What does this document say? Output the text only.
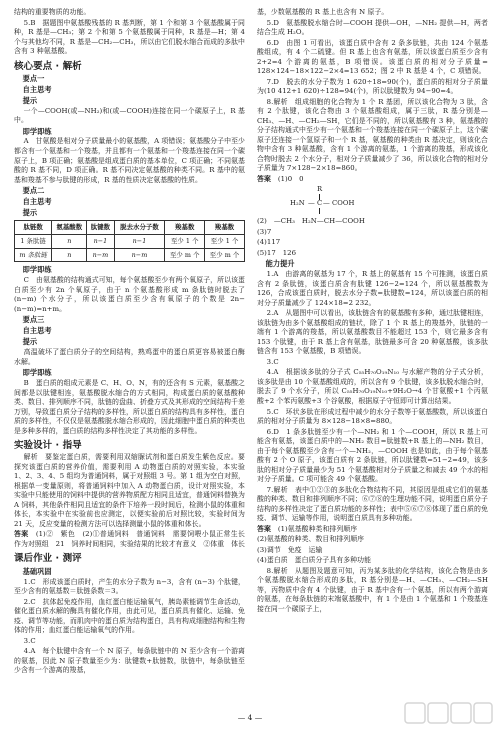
结构的重要物质的功能。

5.B　据题图中氨基酸残基的 R 基判断，第 1 个和第 3 个氨基酸属于同种，R 基是—CH₃；第 2 个和第 5 个氨基酸属于同种，R 基是—H；第 4 个与其他均不同，R 基是—CH₂—CH₃，所以由它们脱水缩合而成的多肽中含有 3 种氨基酸。

核心要点 · 解析
要点一
自主思考
提示

一个—COOH(或—NH₂)和(或—COOH)连接在同一个碳原子上，R 基中。

即学即练

A　甘氨酸是相对分子质量最小的氨基酸，A 项错误；氨基酸分子中至少都含有一个氨基和一个羧基，并且都有一个氨基和一个羧基连接在同一个碳原子上，B 项正确；氨基酸是组成蛋白质的基本单位，C 项正确；不同氨基酸的 R 基不同，D 项正确。R 基不同决定氨基酸的种类不同。R 基中的氨基和羧基不参与肽键的形成，R 基的性质决定氨基酸的性质。

要点二
自主思考
提示
肽链数	氨基酸数	肽键数	脱去水分子数	羧基数	羧基数
1 条肽链	n	n−1	n−1	至少 1 个	至少 1 个
m 条肽链	n	n−m	n−m	至少 m 个	至少 m 个
即学即练

C　由氨基酸的结构通式可知，每个氨基酸至少有两个氧原子，所以该蛋白质至少有 2n 个氧原子，由于 n 个氨基酸形成 m 条肽链时脱去了 (n−m) 个水分子，所以该蛋白质至少含有氧原子的个数是 2n−(n−m)=n+m。

要点三
自主思考
提示

高温破坏了蛋白质分子的空间结构，熟鸡蛋中的蛋白质更容易被蛋白酶水解。

即学即练

B　蛋白质的组成元素是 C、H、O、N，有的还含有 S 元素，氨基酸之间都是以肽键相连，氨基酸脱水缩合的方式相同，构成蛋白质的氨基酸种类、数目、排列顺序不同，肽链的盘曲、折叠方式及其形成的空间结构千差万别，导致蛋白质分子结构的多样性，所以蛋白质的结构具有多样性，蛋白质的多样性，不仅仅是氨基酸脱水缩合形成的，因此细胞中蛋白质的种类也是多种多样的，蛋白质的结构多样性决定了其功能的多样性。

实验设计 · 指导

解析　要鉴定蛋白质，需要利用双缩脲试剂和蛋白质发生紫色反应。要探究该蛋白质的营养价值，需要利用 A 动物蛋白质的对照实验，本实验 1、2、3、4、5 组均为普通饲料，属于对照组 3 号。第 1 组为空白对照，根据单一变量原则，将普通饲料中加入 A 动物蛋白质，设计对照实验，本实验中只能使用的饲料中提供的营养物质配方相同且适宜，普通饲料替换为 A 饲料，其他条件相同且适宜的条件下培养一段时间后，检测小鼠的体重和体长，本实验中在实验前也应测定，以便实验前后对照比较，实验时间为 21 天，反应变量的检测方法可以选择测量小鼠的体重和体长。

答案　 (1)②　紫色　(2)①普通饲料　普通饲料　需要饲喂小鼠正常生长　作为对照组　21　饲养时间相同，实验结果的比较才有意义　②体重　体长

课后作业 · 测评
基础巩固

1.C　形成该蛋白质时，产生的水分子数为 n−3，含有 (n−3) 个肽键，至少含有的氨基数＝肽链条数＝3。

2.C　抗体起免疫作用，血红蛋白能运输氧气，胰岛素能调节生命活动，催化蛋白质水解的酶具有催化作用，由此可见，蛋白质具有催化、运输、免疫、调节等功能，而肌肉中的蛋白质为结构蛋白，具有构成细胞结构和生物体的作用；血红蛋白能运输氧气的作用。

3.C

4.A　每个肽键中含有一个 N 原子，每条肽链中的 N 至少含有一个游离的氨基，因此 N 原子数量至少为：肽键数+肽链数，肽链中，每条肽链至少含有一个游离的羧基，

基，少数氨基酸的 R 基上也含有 N 原子。

5.D　氨基酸脱水缩合时—COOH 提供—OH，—NH₂ 提供—H，两者结合生成 H₂O。

6.D　由图 1 可看出，该蛋白质中含有 2 条多肽链，共由 124 个氨基酸组成，有 4 个二硫键。但 R 基上也含有氨基，所以该蛋白质至少含有 2+2=4 个游离的氨基，B 项错误。该蛋白质的相对分子质量= 128×124−18×122−2×4=13 652；图 2 中 R 基是 4 个，C 项错误。

7.D　脱去的水分子数为 1 620÷18=90(个)，蛋白质的相对分子质量为(10 412+1 620)÷128=94(个)，所以肽键数为 94−90=4。

8.解析　组成细胞的化合物为 1 个 R 基团，所以该化合物为 3 肽，含有 2 个肽键，该化合物由 3 个氨基酸组成，属于三肽，R 基分别是—CH₃、—H、—CH₂—SH，它们是不同的，所以氨基酸有 3 种，氨基酸的分子结构通式中至少有一个氨基和一个羧基连接在同一个碳原子上，这个碳原子还连接一个氢原子和一个 R 基，氨基酸的种类由 R 基决定，则该化合物中含有 3 种氨基酸，含有 1 个游离的氨基，1 个游离的羧基，形成该化合物时脱去 2 个水分子，相对分子质量减少了 36，所以该化合物的相对分子质量为 7×128−2×18=860。

答案　 (1)0　0

R
H₂N — C — COOH

(2)　—CH₃　H₂N—CH—COOH

(3)7

(4)117

(5)17　126

能力提升

1.A　由游离的氨基为 17 个，R 基上的氨基有 15 个可推测，该蛋白质含有 2 条肽链，该蛋白质含有肽键 126−2=124 个，所以氨基酸数为 126，合成该蛋白质时，脱去水分子数=肽键数=124，所以该蛋白质的相对分子质量减少了 124×18=2 232。

2.A　从题图中可以看出，该肽链含有的氨基酸有多种，通过肽键相连，该肽链为由多个氨基酸组成的链状，除了 1 个 R 基上的羧基外，肽链的一端有 1 个游离的羧基，所以氨基酸数目不能超过 153 个，则它最多含有 153 个肽键，由于 R 基上含有氨基，肽链最多可含 20 种氨基酸，该多肽链含有 153 个氨基酸，B 项错误。

3.C

4.A　根据该多肽的分子式 C₅₅H₇₀O₁₉N₁₀ 与水解产物的分子式分析，该多肽是由 10 个氨基酸组成的，所以含有 9 个肽键，该多肽脱水缩合时，脱去了 9 个水分子，所以 C₅₅H₇₀O₁₉N₁₀+9H₂O→4 个甘氨酸+1 个丙氨酸+2 个苯丙氨酸+3 个谷氨酸，根据原子守恒即可计算出结果。

5.C　环状多肽在形成过程中减少的水分子数等于氨基酸数，所以该蛋白质的相对分子质量为 8×128−18×8=880。

6.D　1 条多肽链至少有一个—NH₂ 和 1 个—COOH，所以 R 基上可能含有氨基，该蛋白质中的—NH₂ 数目=肽链数+R 基上的—NH₂ 数目，由于每个氨基酸至少含有一个—NH₂，—COOH 也是如此，由于每个氨基酸有 2 个 O 原子，该蛋白质有 2 条肽链，所以肽键数=51−2=49，该多肽的相对分子质量最少为 51 个氨基酸相对分子质量之和减去 49 个水的相对分子质量。C 项可能含 49 个氨基酸。

7.解析　表中①②③的多肽化合物结构不同，其原因是组成它们的氨基酸的种类、数目和排列顺序不同；⑥⑦⑧的生理功能不同，说明蛋白质分子结构的多样性决定了蛋白质功能的多样性；表中⑤⑥⑦⑧体现了蛋白质的免疫、调节、运输等作用，说明蛋白质具有多种功能。

答案　 (1)氨基酸种类和排列顺序

(2)氨基酸的种类、数目和排列顺序

(3)调节　免疫　运输

(4)蛋白质　蛋白质分子具有多种功能

8.解析　从题图及题意可知，丙为某多肽的化学结构，该化合物是由多个氨基酸脱水缩合形成的多肽，R 基分别是—H、—CH₃、—CH₂—SH 等，丙物质中含有 4 个肽键，由于 R 基中含有一个氨基，所以有两个游离的氨基，在每条肽链的末端氨基酸中，有 1 个是由 1 个氨基和 1 个羧基连接在同一个碳原子上，

— 4 —
